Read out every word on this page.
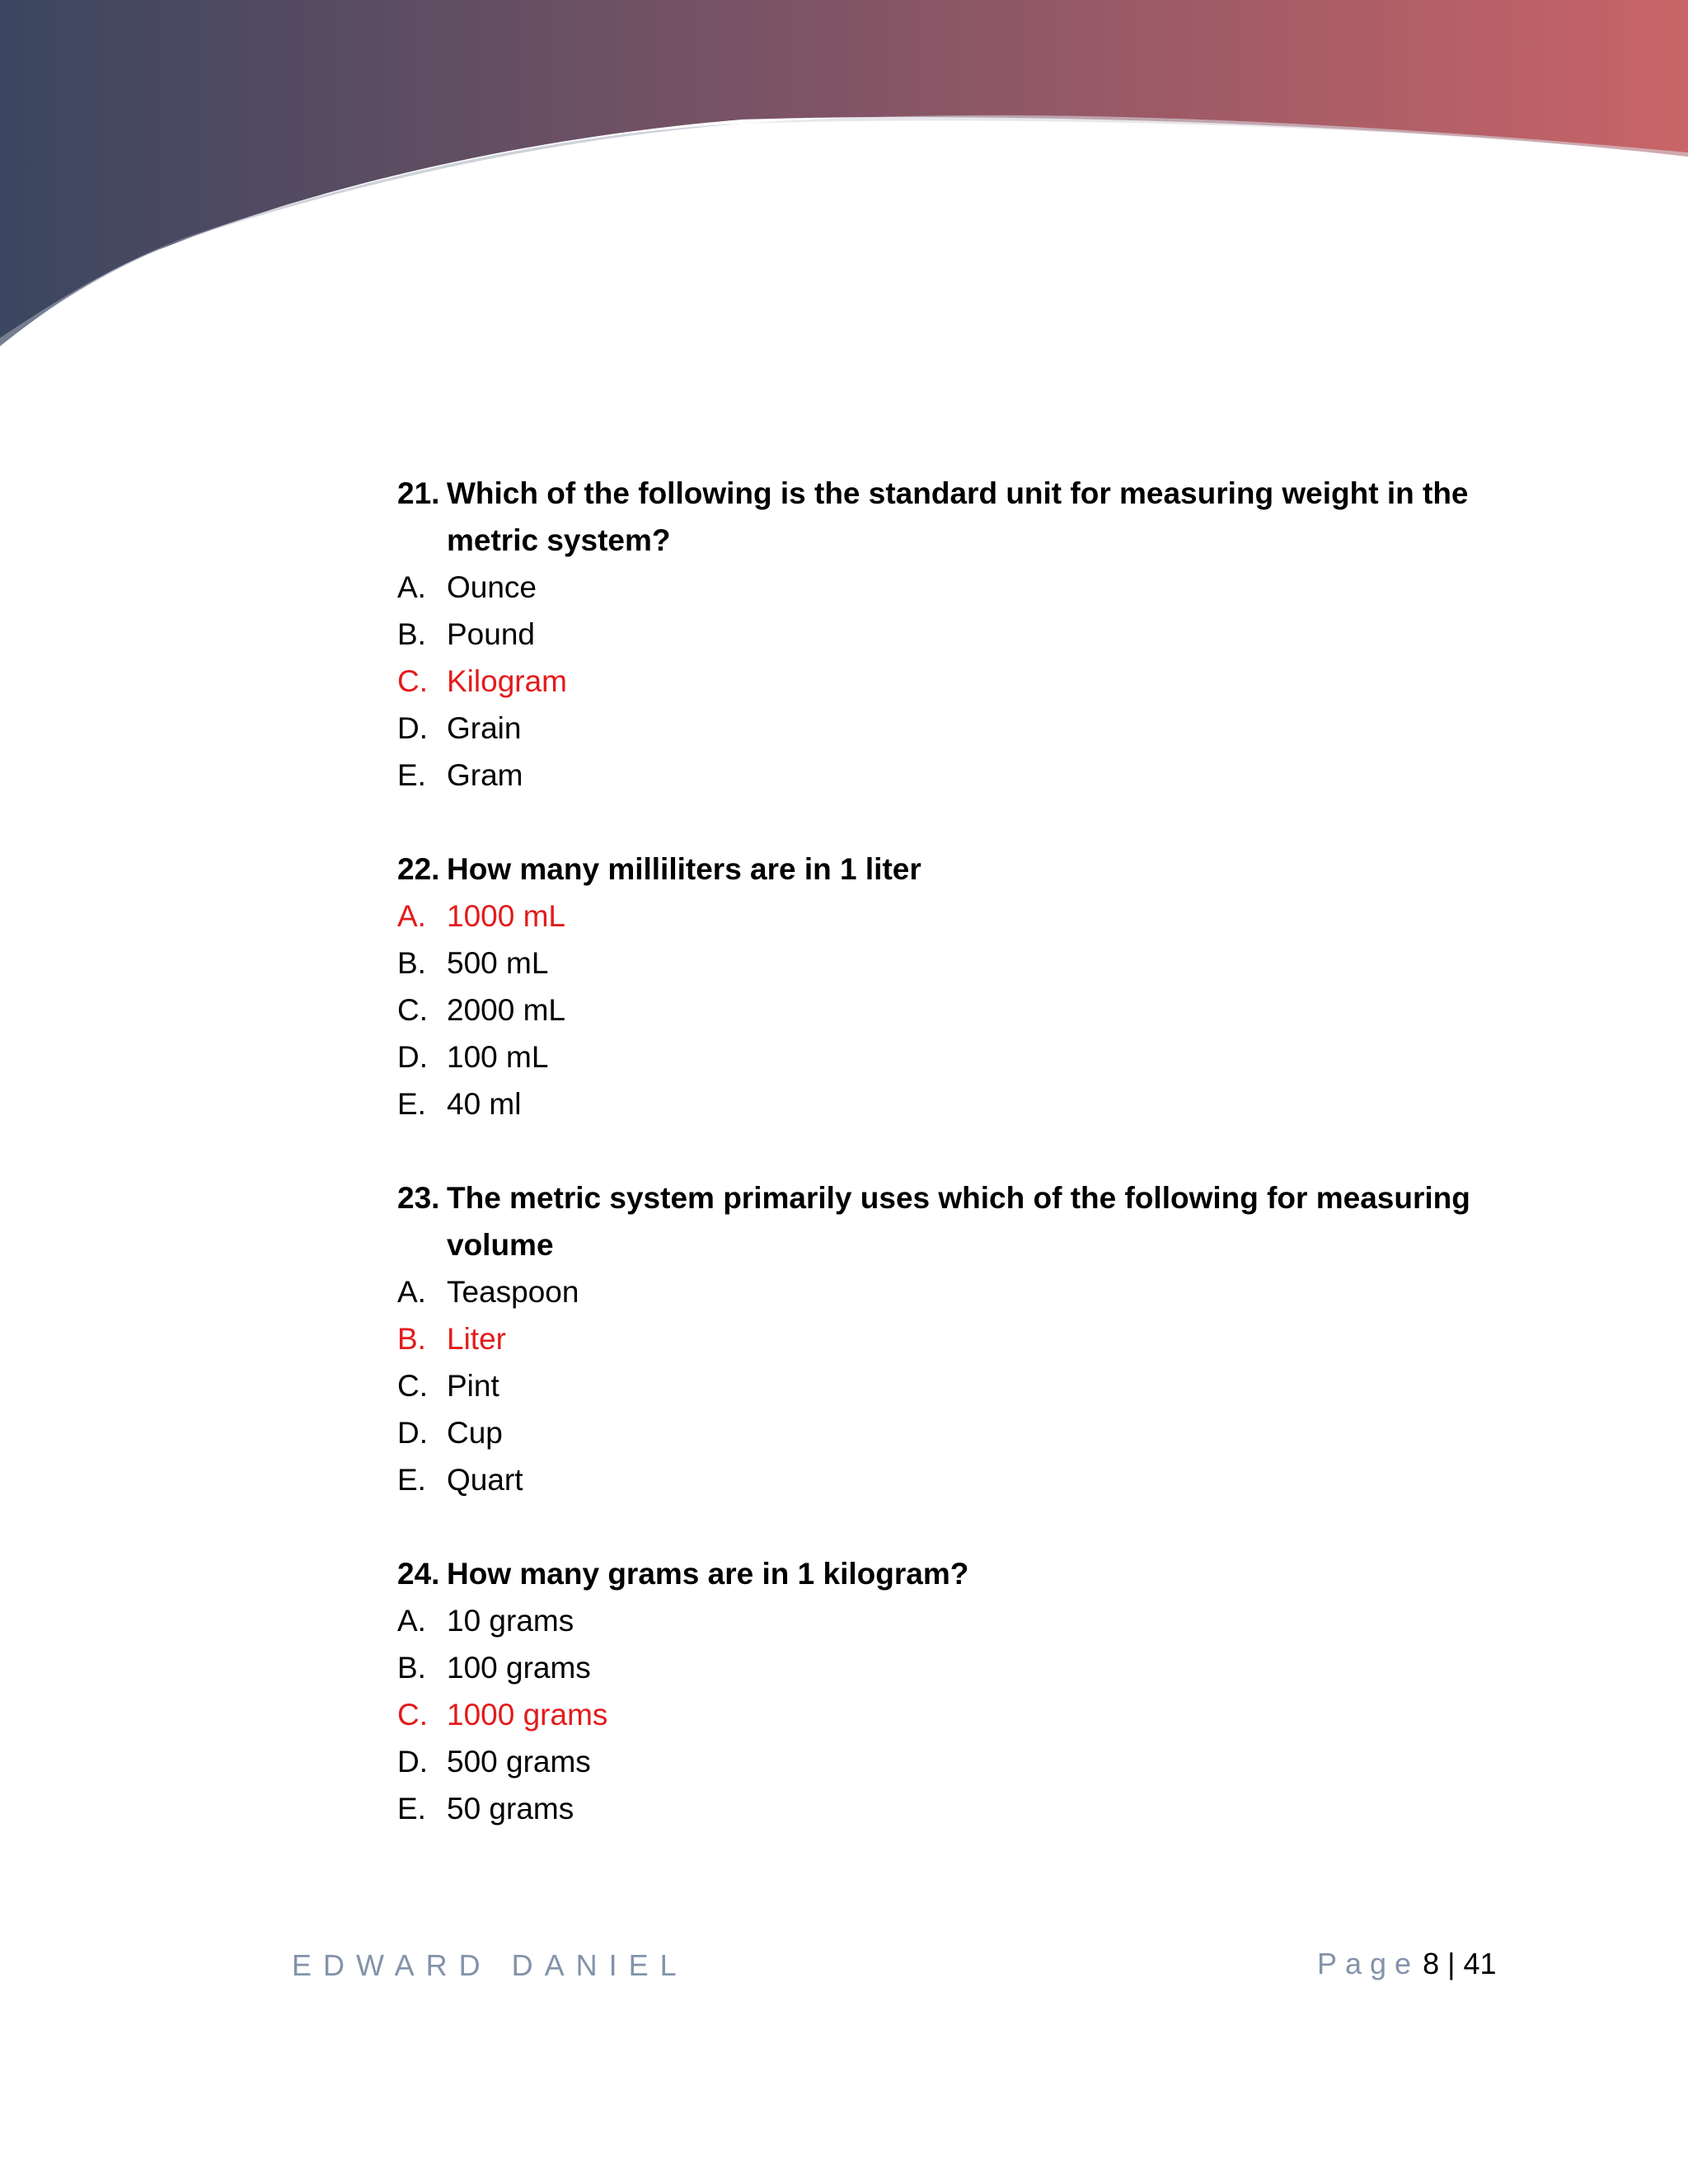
21. Which of the following is the standard unit for measuring weight in the metric system?
A. Ounce
B. Pound
C. Kilogram
D. Grain
E. Gram
22. How many milliliters are in 1 liter
A. 1000 mL
B. 500 mL
C. 2000 mL
D. 100 mL
E. 40 ml
23. The metric system primarily uses which of the following for measuring volume
A. Teaspoon
B. Liter
C. Pint
D. Cup
E. Quart
24. How many grams are in 1 kilogram?
A. 10 grams
B. 100 grams
C. 1000 grams
D. 500 grams
E. 50 grams
EDWARD DANIEL	Page 8 | 41
